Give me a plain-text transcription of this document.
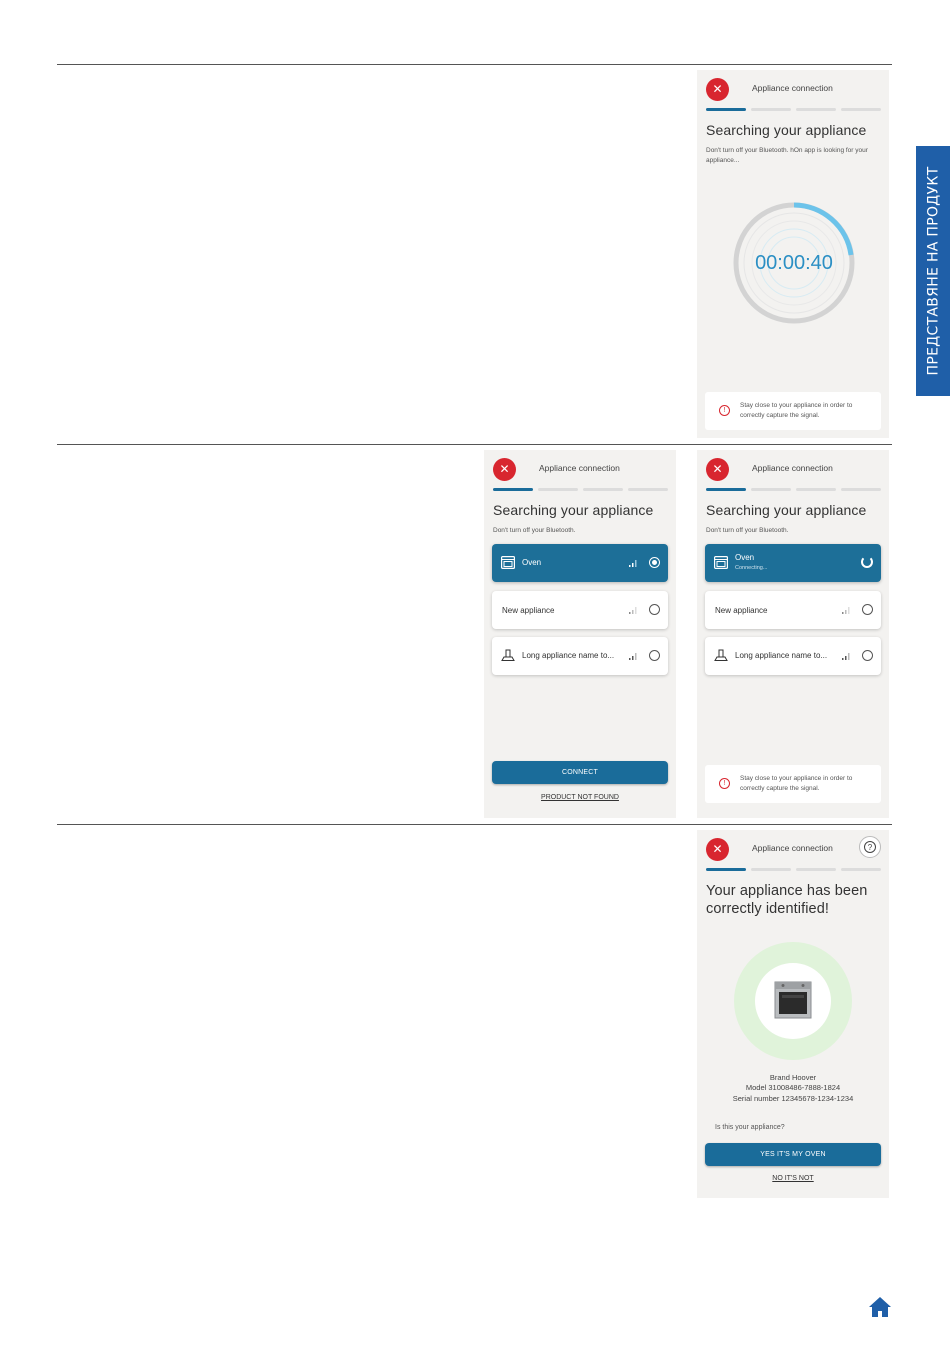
ПРЕДСТАВЯНЕ НА ПРОДУКТ
✕	Appliance connection
Searching your appliance
Don't turn off your Bluetooth. hOn app is looking for your appliance...
00:00:40
!
Stay close to your appliance in order to correctly capture the signal.
✕	Appliance connection
Searching your appliance
Don't turn off your Bluetooth.
Oven
New appliance
Long appliance name to...
CONNECT
PRODUCT NOT FOUND
✕	Appliance connection
Searching your appliance
Don't turn off your Bluetooth.
Oven
Connecting...
New appliance
Long appliance name to...
!
Stay close to your appliance in order to correctly capture the signal.
✕	Appliance connection	?
Your appliance has been correctly identified!
Brand Hoover
Model 31008486-7888-1824
Serial number 12345678-1234-1234
Is this your appliance?
YES IT'S MY OVEN
NO IT'S NOT
